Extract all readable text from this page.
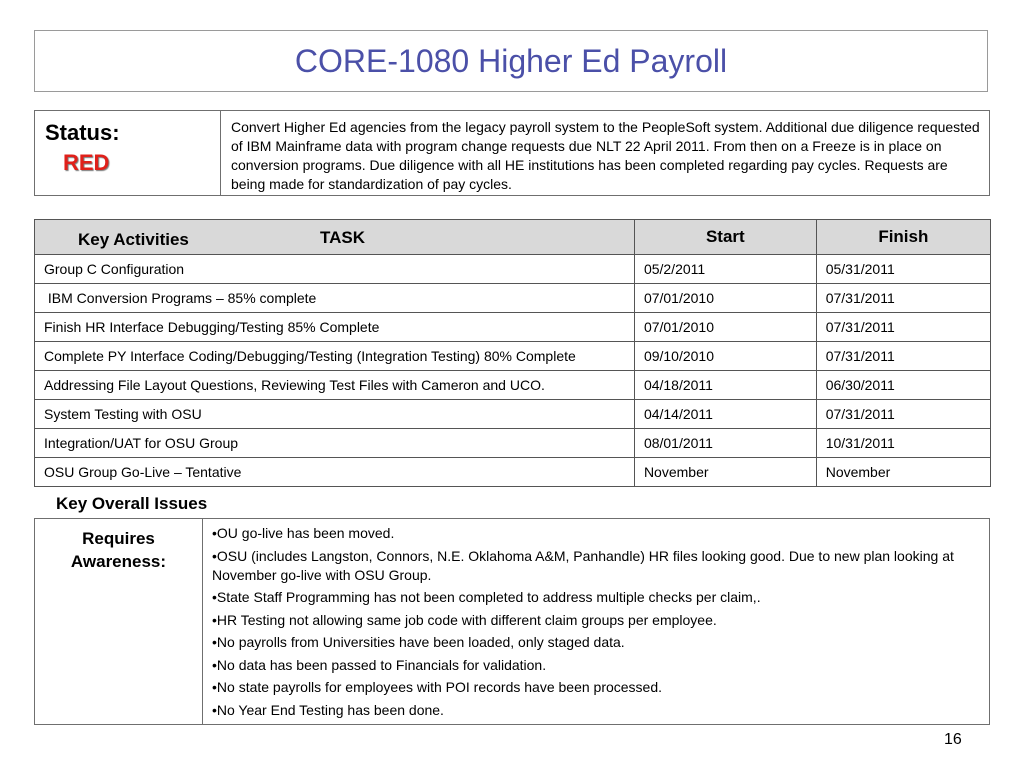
CORE-1080 Higher Ed Payroll
Status:
RED
Convert Higher Ed agencies from the legacy payroll system to the PeopleSoft system. Additional due diligence requested of IBM Mainframe data with program change requests due NLT 22 April 2011. From then on a Freeze is in place on conversion programs. Due diligence with all HE institutions has been completed regarding pay cycles. Requests are being made for standardization of pay cycles.
Key Activities TASK	Start	Finish
Group C Configuration	05/2/2011	05/31/2011
IBM Conversion Programs – 85% complete	07/01/2010	07/31/2011
Finish HR Interface Debugging/Testing 85% Complete	07/01/2010	07/31/2011
Complete PY Interface Coding/Debugging/Testing (Integration Testing) 80% Complete	09/10/2010	07/31/2011
Addressing File Layout Questions, Reviewing Test Files with Cameron and UCO.	04/18/2011	06/30/2011
System Testing with OSU	04/14/2011	07/31/2011
Integration/UAT for OSU Group	08/01/2011	10/31/2011
OSU Group Go-Live – Tentative	November	November
Key Overall Issues
Requires
Awareness:
•OU go-live has been moved.
•OSU (includes Langston, Connors, N.E. Oklahoma A&M, Panhandle) HR files looking good. Due to new plan looking at November go-live with OSU Group.
•State Staff Programming has not been completed to address multiple checks per claim,.
•HR Testing not allowing same job code with different claim groups per employee.
•No payrolls from Universities have been loaded, only staged data.
•No data has been passed to Financials for validation.
•No state payrolls for employees with POI records have been processed.
•No Year End Testing has been done.
16
